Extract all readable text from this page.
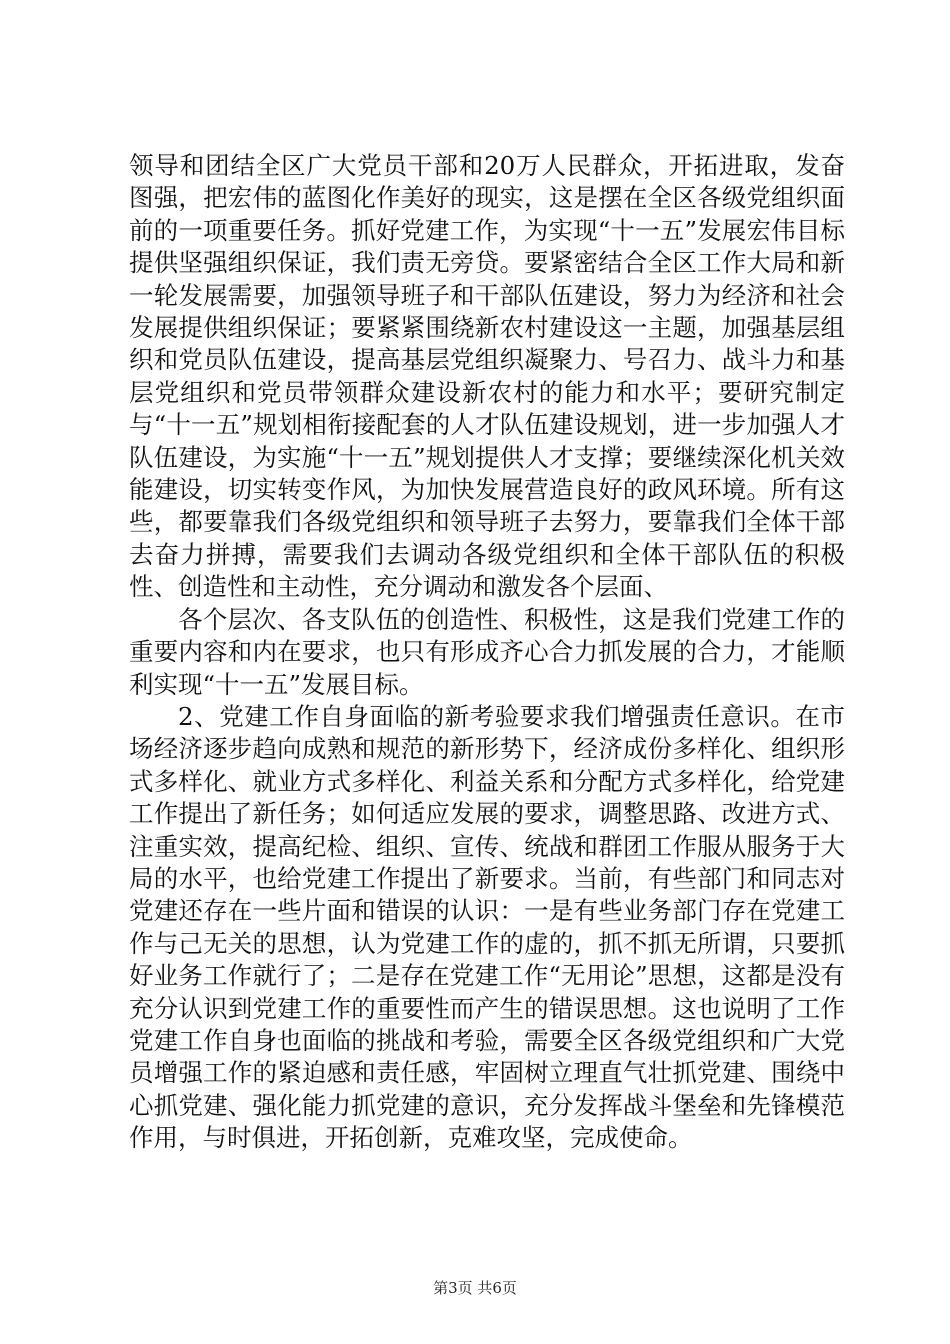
领导和团结全区广大党员干部和20万人民群众，开拓进取，发奋图强，把宏伟的蓝图化作美好的现实，这是摆在全区各级党组织面前的一项重要任务。抓好党建工作，为实现“十一五”发展宏伟目标提供坚强组织保证，我们责无旁贷。要紧密结合全区工作大局和新一轮发展需要，加强领导班子和干部队伍建设，努力为经济和社会发展提供组织保证；要紧紧围绕新农村建设这一主题，加强基层组织和党员队伍建设，提高基层党组织凝聚力、号召力、战斗力和基层党组织和党员带领群众建设新农村的能力和水平；要研究制定与“十一五”规划相衔接配套的人才队伍建设规划，进一步加强人才队伍建设，为实施“十一五”规划提供人才支撑；要继续深化机关效能建设，切实转变作风，为加快发展营造良好的政风环境。所有这些，都要靠我们各级党组织和领导班子去努力，要靠我们全体干部去奋力拼搏，需要我们去调动各级党组织和全体干部队伍的积极性、创造性和主动性，充分调动和激发各个层面、

各个层次、各支队伍的创造性、积极性，这是我们党建工作的重要内容和内在要求，也只有形成齐心合力抓发展的合力，才能顺利实现“十一五”发展目标。

2、党建工作自身面临的新考验要求我们增强责任意识。在市场经济逐步趋向成熟和规范的新形势下，经济成份多样化、组织形式多样化、就业方式多样化、利益关系和分配方式多样化，给党建工作提出了新任务；如何适应发展的要求，调整思路、改进方式、注重实效，提高纪检、组织、宣传、统战和群团工作服从服务于大局的水平，也给党建工作提出了新要求。当前，有些部门和同志对党建还存在一些片面和错误的认识：一是有些业务部门存在党建工作与己无关的思想，认为党建工作的虚的，抓不抓无所谓，只要抓好业务工作就行了；二是存在党建工作“无用论”思想，这都是没有充分认识到党建工作的重要性而产生的错误思想。这也说明了工作党建工作自身也面临的挑战和考验，需要全区各级党组织和广大党员增强工作的紧迫感和责任感，牢固树立理直气壮抓党建、围绕中心抓党建、强化能力抓党建的意识，充分发挥战斗堡垒和先锋模范作用，与时俱进，开拓创新，克难攻坚，完成使命。

第3页 共6页
